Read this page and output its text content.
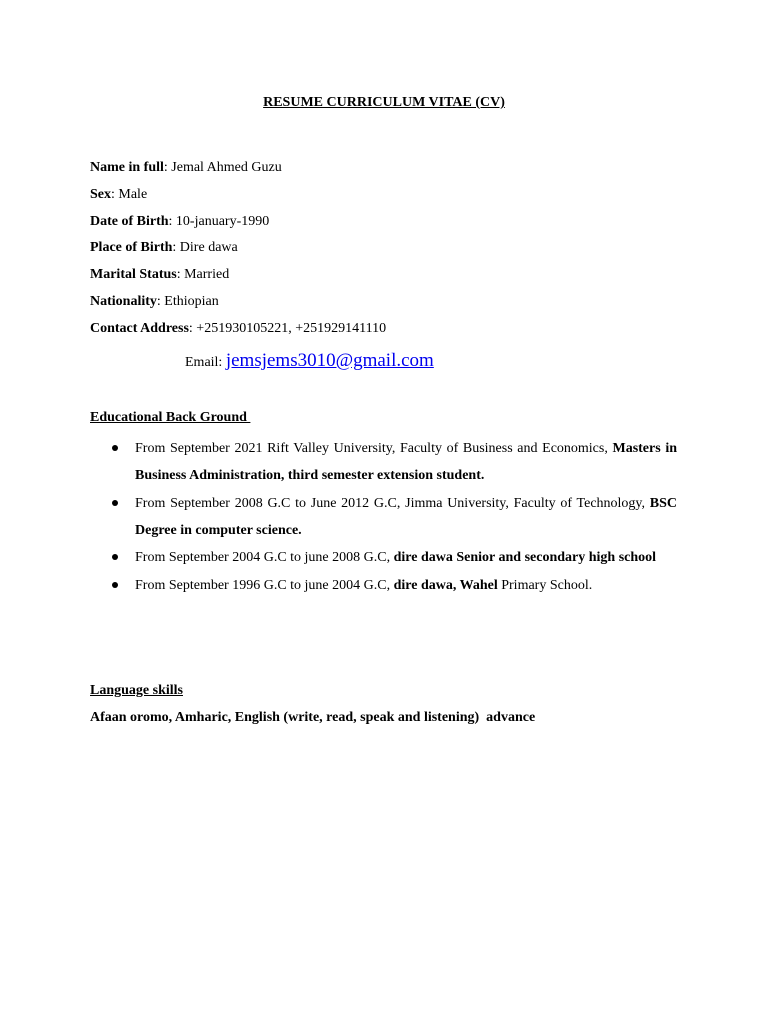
RESUME CURRICULUM VITAE (CV)
Name in full: Jemal Ahmed Guzu
Sex: Male
Date of Birth: 10-january-1990
Place of Birth: Dire dawa
Marital Status: Married
Nationality: Ethiopian
Contact Address: +251930105221, +251929141110
Email: jemsjems3010@gmail.com
Educational Back Ground
From September 2021 Rift Valley University, Faculty of Business and Economics, Masters in Business Administration, third semester extension student.
From September 2008 G.C to June 2012 G.C, Jimma University, Faculty of Technology, BSC Degree in computer science.
From September 2004 G.C to june 2008 G.C, dire dawa Senior and secondary high school
From September 1996 G.C to june 2004 G.C, dire dawa, Wahel Primary School.
Language skills
Afaan oromo, Amharic, English (write, read, speak and listening)  advance
